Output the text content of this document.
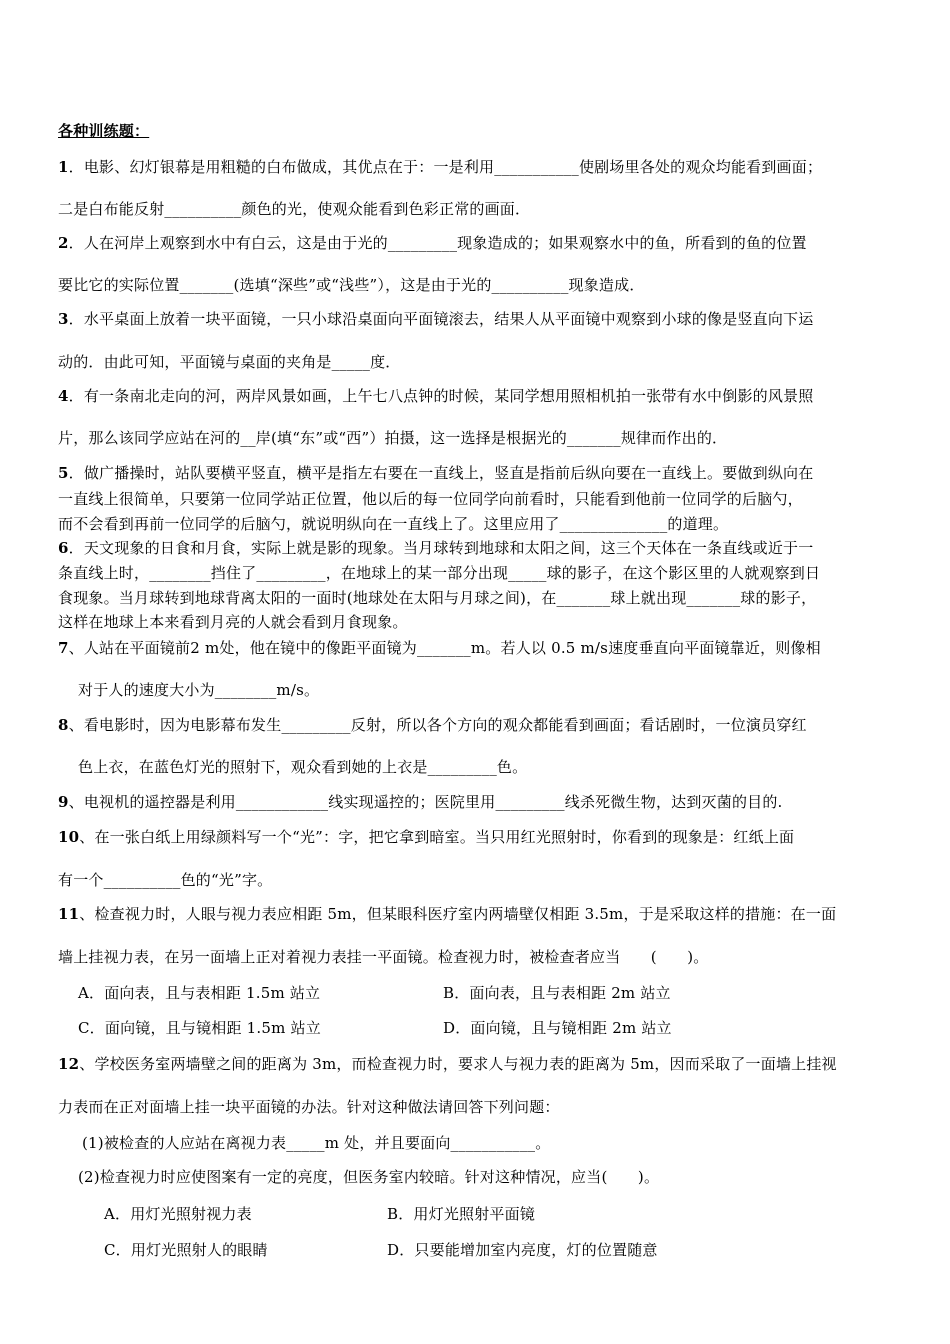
各种训练题：
1．电影、幻灯银幕是用粗糙的白布做成，其优点在于：一是利用___________使剧场里各处的观众均能看到画面；
二是白布能反射__________颜色的光，使观众能看到色彩正常的画面．
2．人在河岸上观察到水中有白云，这是由于光的_________现象造成的；如果观察水中的鱼，所看到的鱼的位置
要比它的实际位置_______(选填“深些”或“浅些”），这是由于光的__________现象造成．
3．水平桌面上放着一块平面镜，一只小球沿桌面向平面镜滚去，结果人从平面镜中观察到小球的像是竖直向下运
动的．由此可知，平面镜与桌面的夹角是_____度．
4．有一条南北走向的河，两岸风景如画，上午七八点钟的时候，某同学想用照相机拍一张带有水中倒影的风景照
片，那么该同学应站在河的__岸(填“东”或“西”）拍摄，这一选择是根据光的_______规律而作出的．
5．做广播操时，站队要横平竖直，横平是指左右要在一直线上，竖直是指前后纵向要在一直线上。要做到纵向在
一直线上很简单，只要第一位同学站正位置，他以后的每一位同学向前看时，只能看到他前一位同学的后脑勺，
而不会看到再前一位同学的后脑勺，就说明纵向在一直线上了。这里应用了______________的道理。
6．天文现象的日食和月食，实际上就是影的现象。当月球转到地球和太阳之间，这三个天体在一条直线或近于一
条直线上时，________挡住了_________，在地球上的某一部分出现_____球的影子，在这个影区里的人就观察到日
食现象。当月球转到地球背离太阳的一面时(地球处在太阳与月球之间)，在_______球上就出现_______球的影子，
这样在地球上本来看到月亮的人就会看到月食现象。
7、人站在平面镜前2 m处，他在镜中的像距平面镜为_______m。若人以 0.5 m/s速度垂直向平面镜靠近，则像相
对于人的速度大小为________m/s。
8、看电影时，因为电影幕布发生_________反射，所以各个方向的观众都能看到画面；看话剧时，一位演员穿红
色上衣，在蓝色灯光的照射下，观众看到她的上衣是_________色。
9、电视机的遥控器是利用____________线实现遥控的；医院里用_________线杀死微生物，达到灭菌的目的.
10、在一张白纸上用绿颜料写一个“光”：字，把它拿到暗室。当只用红光照射时，你看到的现象是：红纸上面
有一个__________色的“光”字。
11、检查视力时，人眼与视力表应相距 5m，但某眼科医疗室内两墙壁仅相距 3.5m，于是采取这样的措施：在一面
墙上挂视力表，在另一面墙上正对着视力表挂一平面镜。检查视力时，被检查者应当　　(　　)。
A．面向表，且与表相距 1.5m 站立	B．面向表，且与表相距 2m 站立
C．面向镜，且与镜相距 1.5m 站立	D．面向镜，且与镜相距 2m 站立
12、学校医务室两墙壁之间的距离为 3m，而检查视力时，要求人与视力表的距离为 5m，因而采取了一面墙上挂视
力表而在正对面墙上挂一块平面镜的办法。针对这种做法请回答下列问题：
(1)被检查的人应站在离视力表_____m 处，并且要面向___________。
(2)检查视力时应使图案有一定的亮度，但医务室内较暗。针对这种情况，应当(　　)。
A．用灯光照射视力表	B．用灯光照射平面镜
C．用灯光照射人的眼睛	D．只要能增加室内亮度，灯的位置随意
